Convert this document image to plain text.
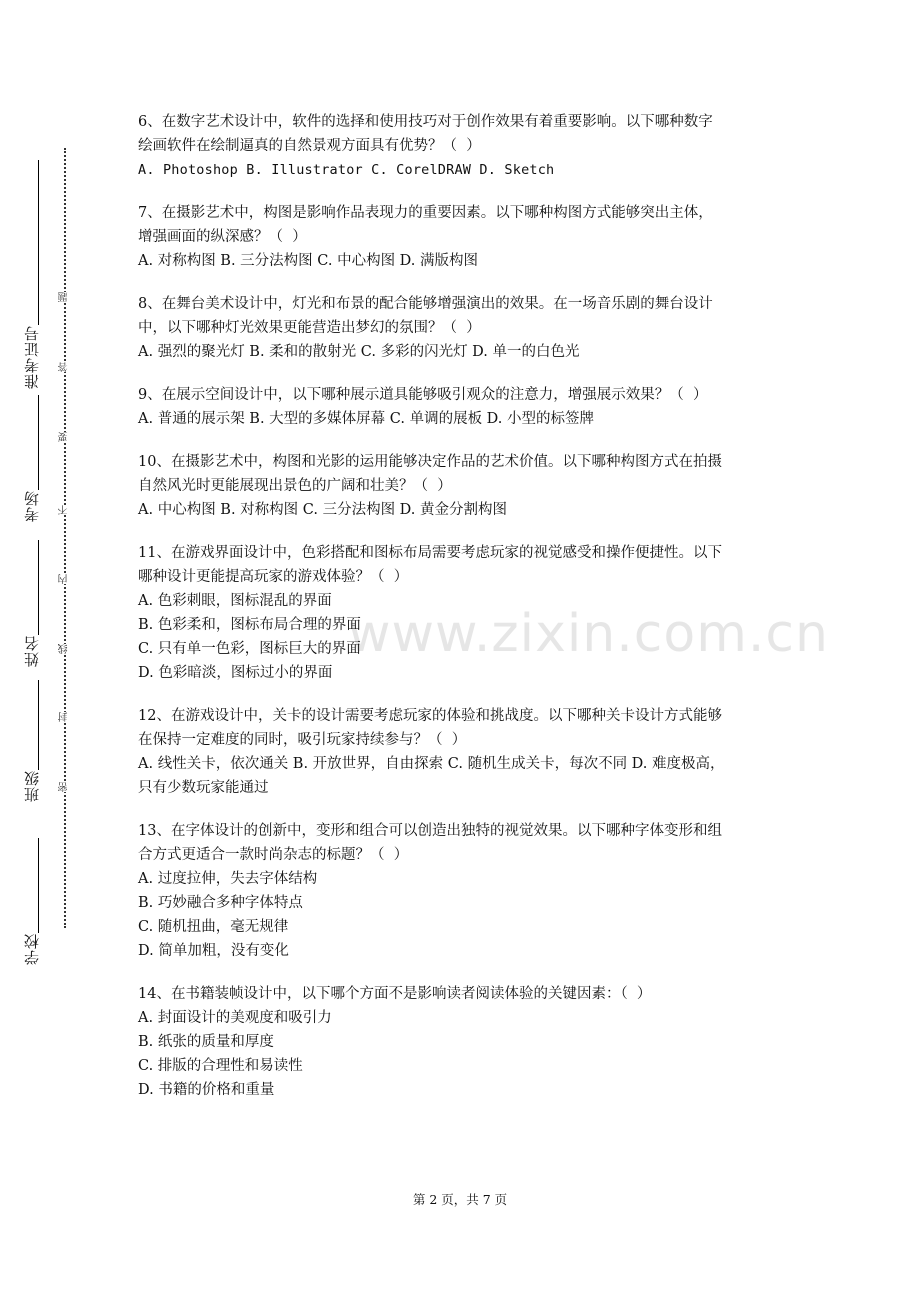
准考证号
考场
姓名
班级
学校
题
答
要
不
内
线
封
密
www.zixin.com.cn

6、在数字艺术设计中，软件的选择和使用技巧对于创作效果有着重要影响。以下哪种数字

绘画软件在绘制逼真的自然景观方面具有优势？（  ）

A. Photoshop B. Illustrator C. CorelDRAW D. Sketch

7、在摄影艺术中，构图是影响作品表现力的重要因素。以下哪种构图方式能够突出主体，

增强画面的纵深感？（  ）

A. 对称构图 B. 三分法构图 C. 中心构图 D. 满版构图

8、在舞台美术设计中，灯光和布景的配合能够增强演出的效果。在一场音乐剧的舞台设计

中，以下哪种灯光效果更能营造出梦幻的氛围？（  ）

A. 强烈的聚光灯 B. 柔和的散射光 C. 多彩的闪光灯 D. 单一的白色光

9、在展示空间设计中，以下哪种展示道具能够吸引观众的注意力，增强展示效果？（  ）

A. 普通的展示架 B. 大型的多媒体屏幕 C. 单调的展板 D. 小型的标签牌

10、在摄影艺术中，构图和光影的运用能够决定作品的艺术价值。以下哪种构图方式在拍摄

自然风光时更能展现出景色的广阔和壮美？（  ）

A. 中心构图 B. 对称构图 C. 三分法构图 D. 黄金分割构图

11、在游戏界面设计中，色彩搭配和图标布局需要考虑玩家的视觉感受和操作便捷性。以下

哪种设计更能提高玩家的游戏体验？（  ）

A. 色彩刺眼，图标混乱的界面

B. 色彩柔和，图标布局合理的界面

C. 只有单一色彩，图标巨大的界面

D. 色彩暗淡，图标过小的界面

12、在游戏设计中，关卡的设计需要考虑玩家的体验和挑战度。以下哪种关卡设计方式能够

在保持一定难度的同时，吸引玩家持续参与？（  ）

A. 线性关卡，依次通关 B. 开放世界，自由探索 C. 随机生成关卡，每次不同 D. 难度极高，

只有少数玩家能通过

13、在字体设计的创新中，变形和组合可以创造出独特的视觉效果。以下哪种字体变形和组

合方式更适合一款时尚杂志的标题？（  ）

A. 过度拉伸，失去字体结构

B. 巧妙融合多种字体特点

C. 随机扭曲，毫无规律

D. 简单加粗，没有变化

14、在书籍装帧设计中，以下哪个方面不是影响读者阅读体验的关键因素：（  ）

A. 封面设计的美观度和吸引力

B. 纸张的质量和厚度

C. 排版的合理性和易读性

D. 书籍的价格和重量

第 2 页，共 7 页
